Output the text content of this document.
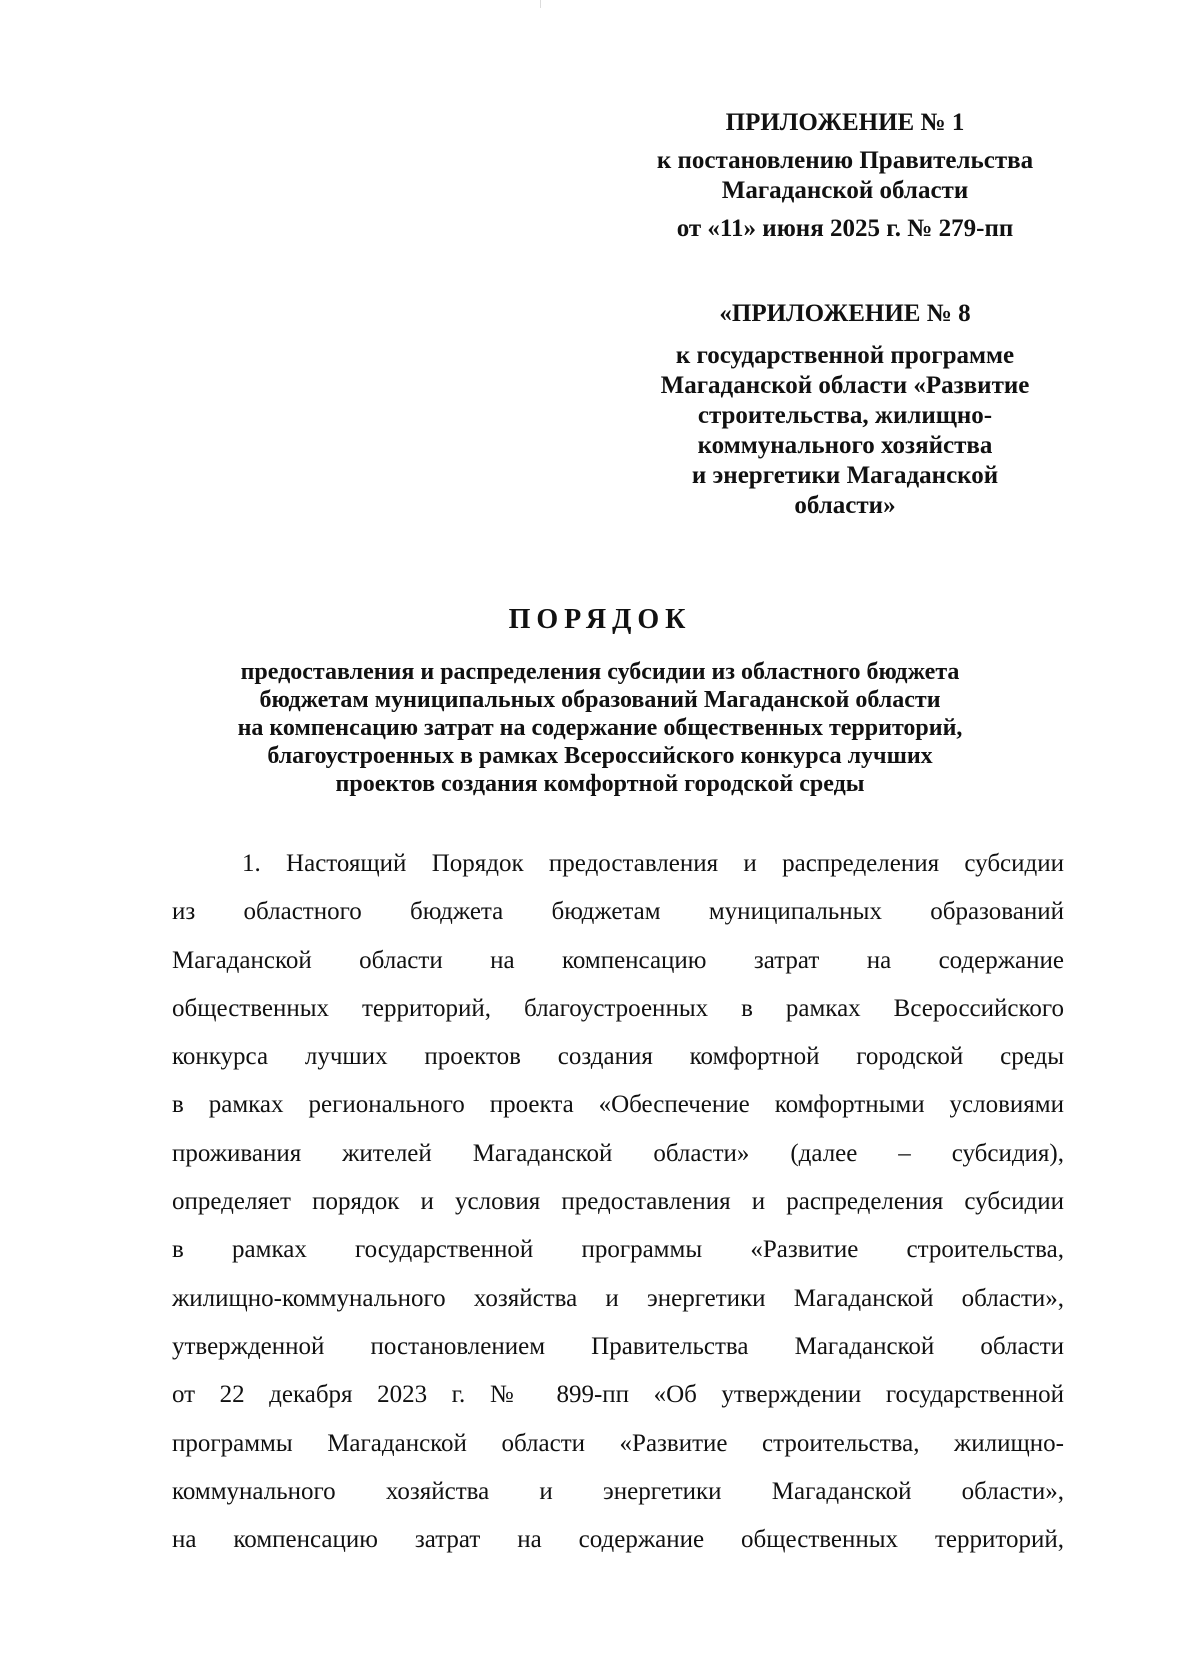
ПРИЛОЖЕНИЕ № 1
к постановлению Правительства
Магаданской области
от «11» июня 2025 г. № 279-пп
«ПРИЛОЖЕНИЕ № 8
к государственной программе
Магаданской области «Развитие
строительства, жилищно-
коммунального хозяйства
и энергетики Магаданской
области»
ПОРЯДОК
предоставления и распределения субсидии из областного бюджета
бюджетам муниципальных образований Магаданской области
на компенсацию затрат на содержание общественных территорий,
благоустроенных в рамках Всероссийского конкурса лучших
проектов создания комфортной городской среды
1. Настоящий Порядок предоставления и распределения субсидии
из областного бюджета бюджетам муниципальных образований
Магаданской области на компенсацию затрат на содержание
общественных территорий, благоустроенных в рамках Всероссийского
конкурса лучших проектов создания комфортной городской среды
в рамках регионального проекта «Обеспечение комфортными условиями
проживания жителей Магаданской области» (далее – субсидия),
определяет порядок и условия предоставления и распределения субсидии
в рамках государственной программы «Развитие строительства,
жилищно-коммунального хозяйства и энергетики Магаданской области»,
утвержденной постановлением Правительства Магаданской области
от 22 декабря 2023 г. № 899-пп «Об утверждении государственной
программы Магаданской области «Развитие строительства, жилищно-
коммунального хозяйства и энергетики Магаданской области»,
на компенсацию затрат на содержание общественных территорий,
